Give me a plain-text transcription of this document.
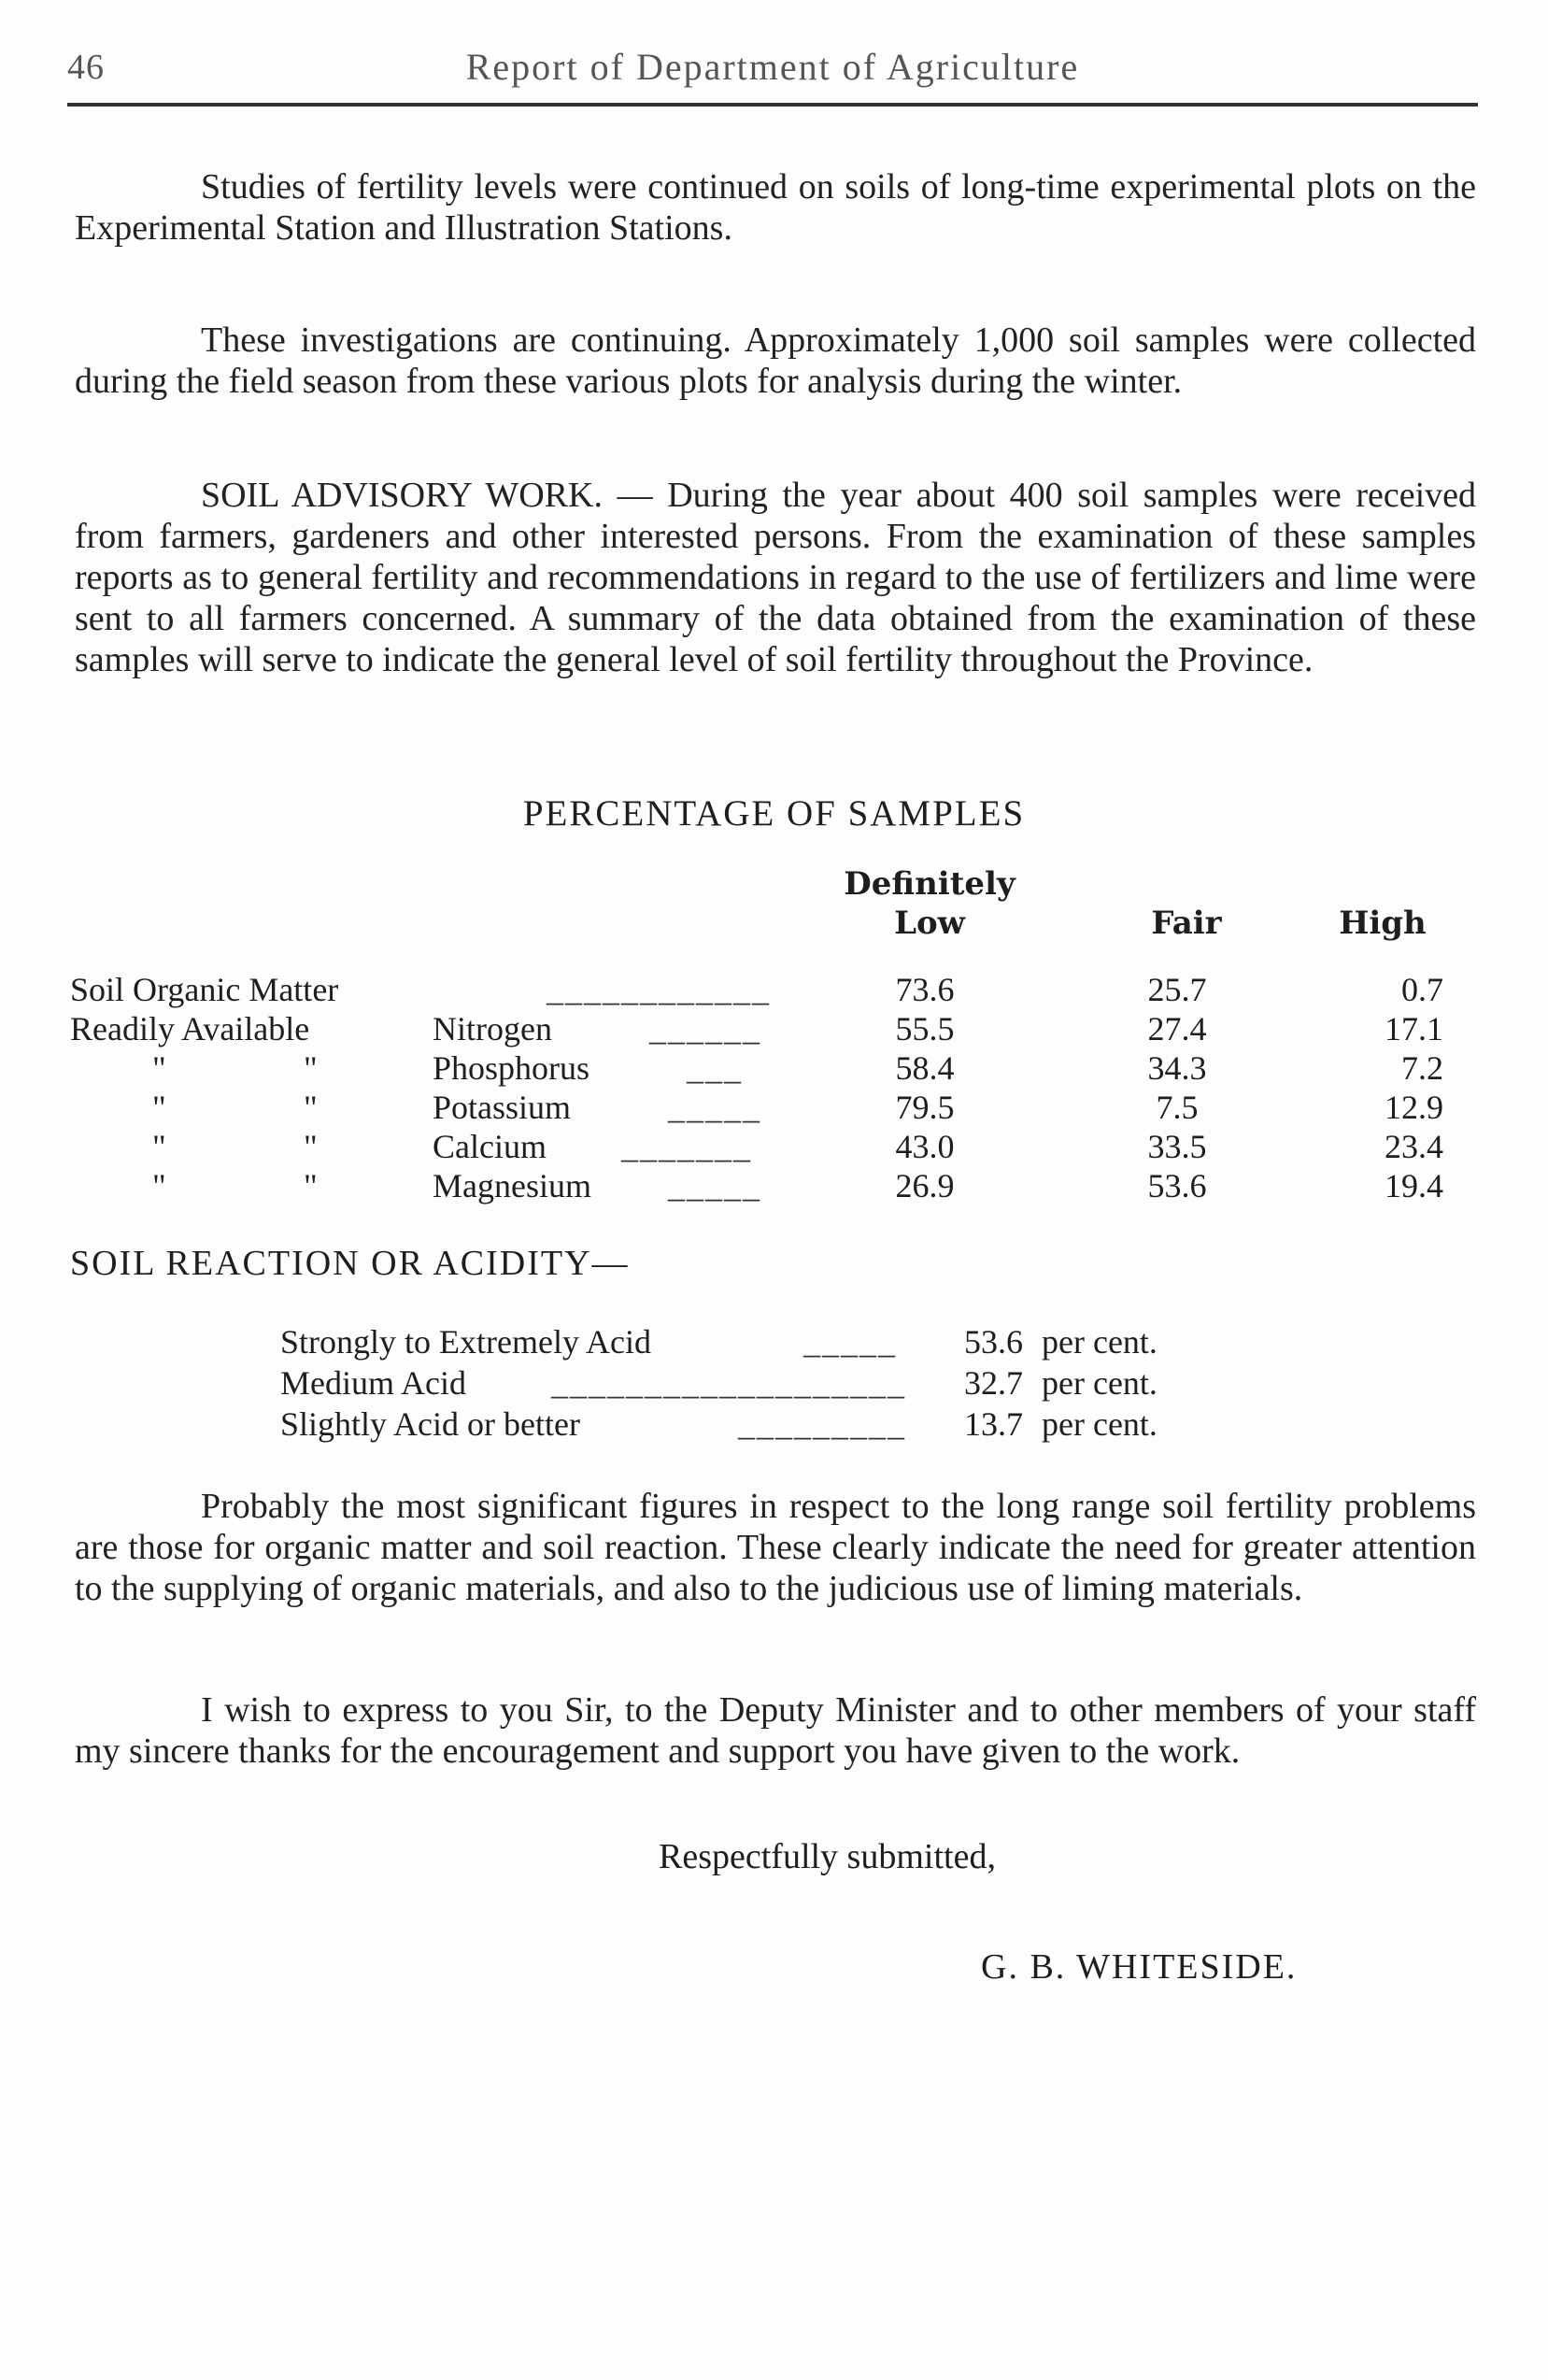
46	Report of Department of Agriculture

Studies of fertility levels were continued on soils of long-time experimental plots on the Experimental Station and Illustration Stations.

These investigations are continuing. Approximately 1,000 soil samples were collected during the field season from these various plots for analysis during the winter.

SOIL ADVISORY WORK. — During the year about 400 soil samples were received from farmers, gardeners and other interested persons. From the examination of these samples reports as to general fertility and recommendations in regard to the use of fertilizers and lime were sent to all farmers concerned. A summary of the data obtained from the examination of these samples will serve to indicate the general level of soil fertility throughout the Province.

PERCENTAGE OF SAMPLES
Definitely
Low	Fair	High
Soil Organic Matter	____________	73.6	25.7	0.7
Readily Available	Nitrogen	______	55.5	27.4	17.1
"	"	Phosphorus	___	58.4	34.3	7.2
"	"	Potassium	_____	79.5	7.5	12.9
"	"	Calcium _______	43.0	33.5	23.4
"	"	Magnesium _____	26.9	53.6	19.4
SOIL REACTION OR ACIDITY—
Strongly to Extremely Acid	_____	53.6 per cent.
Medium Acid	___________________	32.7 per cent.
Slightly Acid or better	_________	13.7 per cent.

Probably the most significant figures in respect to the long range soil fertility problems are those for organic matter and soil reaction. These clearly indicate the need for greater attention to the supplying of organic materials, and also to the judicious use of liming materials.

I wish to express to you Sir, to the Deputy Minister and to other members of your staff my sincere thanks for the encouragement and support you have given to the work.

Respectfully submitted,

G. B. WHITESIDE.
